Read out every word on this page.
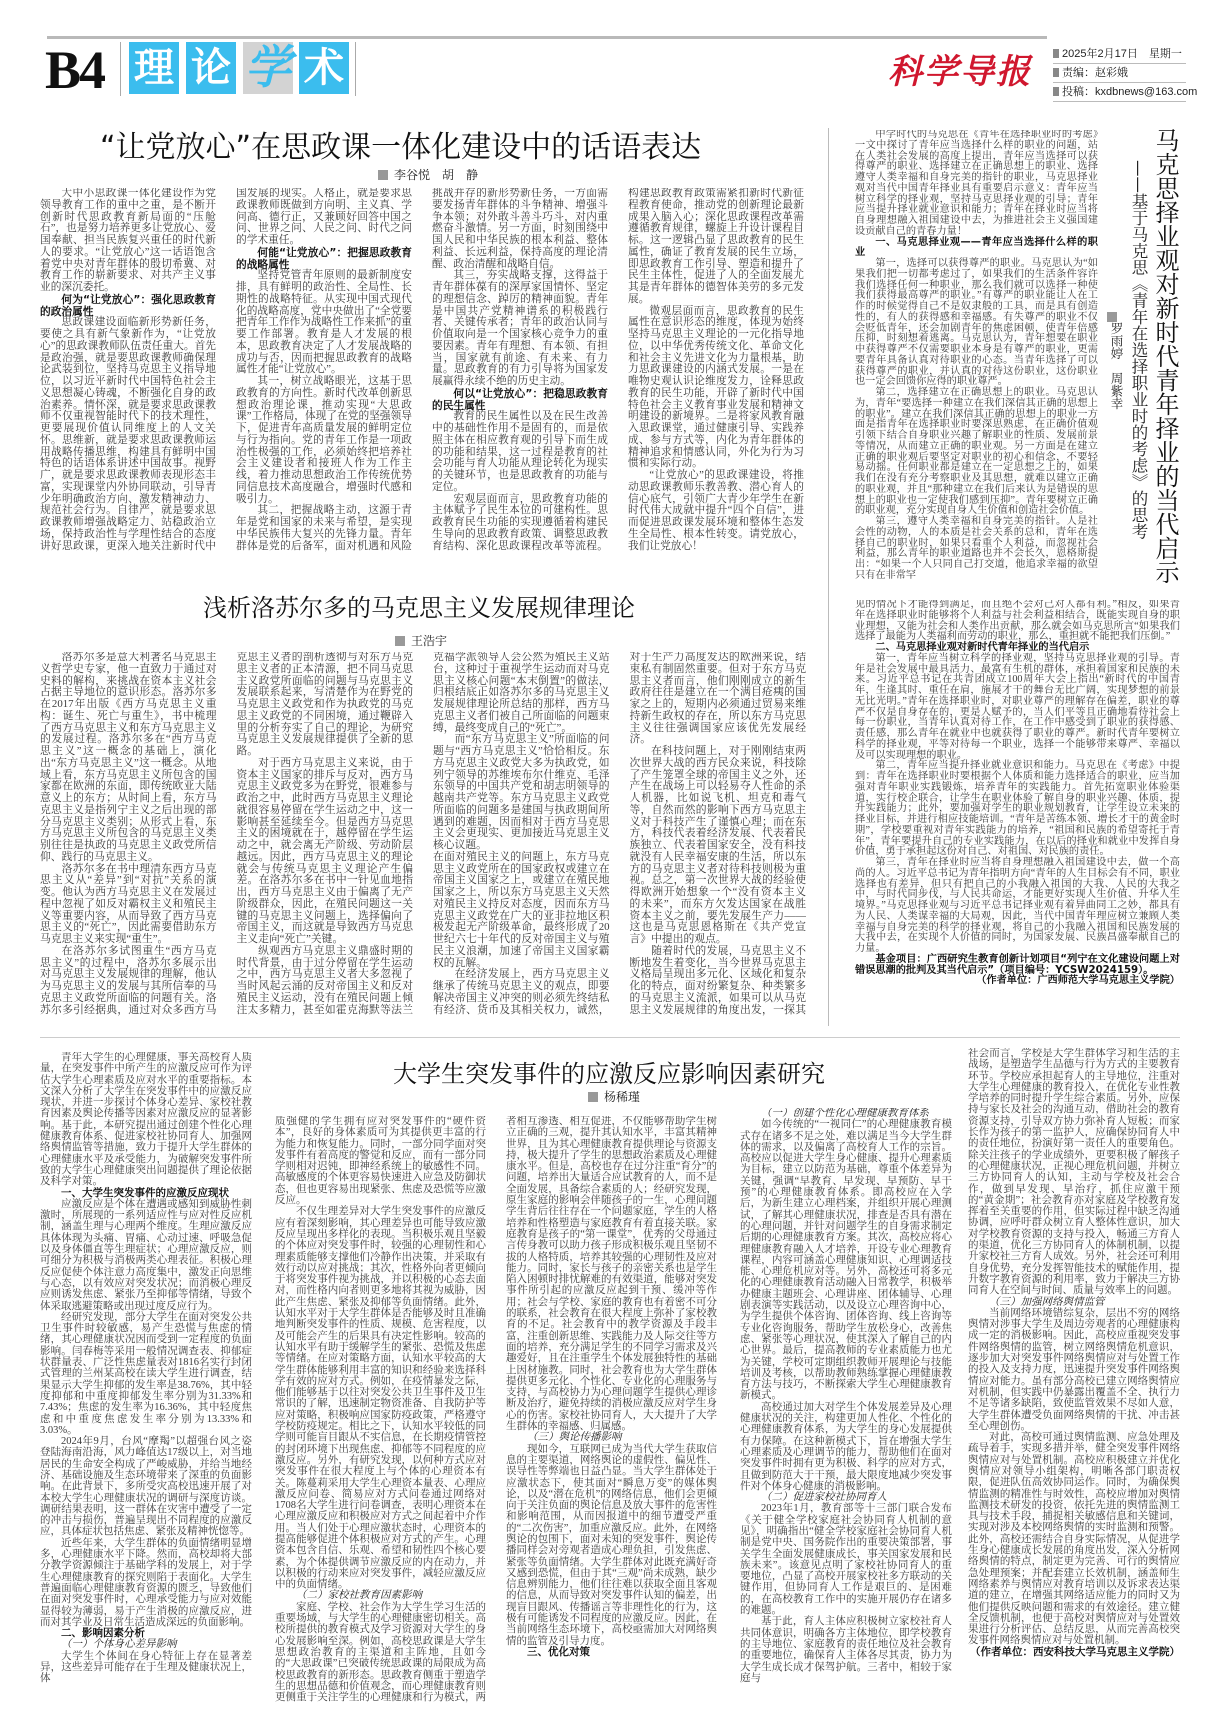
B4 理 论 学 术	科学导报	2025年2月17日　星期一
责编：赵彩娥
投稿：kxdbnews@163.com
“让党放心”在思政课一体化建设中的话语表达
李谷悦　胡　静

大中小思政课一体化建设作为党领导教育工作的重中之重，是不断开创新时代思政教育新局面的“压舱石”，也是努力培养更多让党放心、爱国奉献、担当民族复兴重任的时代新人的要求。“让党放心”这一话语饱含着党中央对青年群体的殷切希冀、对教育工作的崭新要求、对共产主义事业的深沉委托。

何为“让党放心”：强化思政教育的政治属性

思政课建设面临新形势新任务，要使之具有新气象新作为，“让党放心”的思政课教师队伍责任重大。首先是政治强，就是要思政课教师确保理论武装到位，坚持马克思主义指导地位，以习近平新时代中国特色社会主义思想凝心铸魂，不断强化自身的政治素养。情怀深，就是要求思政课教师不仅重视智能时代下的技术理性，更要展现价值认同维度上的人文关怀。思维新，就是要求思政课教师运用战略传播思维，构建具有鲜明中国特色的话语体系讲述中国故事。视野广，就是要求思政课教师表现形态丰富，实现课堂内外协同联动，引导青少年明确政治方向、激发精神动力、规范社会行为。自律严，就是要求思政课教师增强战略定力、站稳政治立场，保持政治性与学理性结合的态度讲好思政课，更深入地关注新时代中国发展的现实。人格正，就是要求思政课教师既做到方向明、主义真、学问高、德行正，又兼顾好回答中国之问、世界之问、人民之问、时代之问的学术重任。

何能“让党放心”：把握思政教育的战略属性

坚持党管青年原则的最新制度安排，具有鲜明的政治性、全局性、长期性的战略特征。从实现中国式现代化的战略高度，党中央做出了“全党要把青年工作作为战略性工作来抓”的重要工作部署。教育是人才发展的根本，思政教育决定了人才发展战略的成功与否，因而把握思政教育的战略属性才能“让党放心”。

其一，树立战略眼光，这基于思政教育的方向性。新时代改革创新思想政治理论课，推动实现“大思政课”工作格局，体现了在党的坚强领导下，促进青年高质量发展的鲜明定位与行为指向。党的青年工作是一项政治性极强的工作，必须始终把培养社会主义建设者和接班人作为工作主线，着力推动思想政治工作传统优势同信息技术高度融合，增强时代感和吸引力。

其二，把握战略主动，这源于青年是党和国家的未来与希望，是实现中华民族伟大复兴的先锋力量。青年群体是党的后备军，面对机遇和风险挑战并存的新形势新任务，一方面需要发扬青年群体的斗争精神、增强斗争本领；对外敢斗善斗巧斗，对内重燃奋斗激情。另一方面，时刻围绕中国人民和中华民族的根本利益、整体利益、长远利益，保持高度的理论清醒、政治清醒和战略自信。

其三，夯实战略支撑，这得益于青年群体葆有的深厚家国情怀、坚定的理想信念、踔厉的精神面貌。青年是中国共产党精神谱系的积极践行者、关键传承者；青年的政治认同与价值取向是一个国家核心竞争力的重要因素。青年有理想、有本领、有担当，国家就有前途、有未来、有力量。思政教育的有力引导将为国家发展赢得永续不绝的历史主动。

何以“让党放心”：把稳思政教育的民生属性

教育的民生属性以及在民生改善中的基础性作用不是固有的，而是依照主体在相应教育观的引导下而生成的功能和结果，这一过程是教育的社会功能与育人功能从理论转化为现实的关键环节，也是思政教育的功能与定位。

宏观层面而言，思政教育功能的主体赋予了民生本位的可建构性。思政教育民生功能的实现遵循着构建民生导向的思政教育政策、调整思政教育结构、深化思政课程改革等流程。构建思政教育政策需紧扣新时代新征程教育使命，推动党的创新理论最新成果入脑入心；深化思政课程改革需遵循教育规律，螺旋上升设计课程目标。这一逻辑凸显了思政教育的民生属性，确证了教育发展的民生立场，即思政教育工作引导、塑造和提升了民生主体性，促进了人的全面发展尤其是青年群体的德智体美劳的多元发展。

微观层面而言，思政教育的民生属性在意识形态的维度，体现为始终坚持马克思主义理论的一元化指导地位，以中华优秀传统文化、革命文化和社会主义先进文化为力量根基，助力思政课建设的内涵式发展。一是在唯物史观认识论维度发力，诠释思政教育的民生功能，开辟了新时代中国特色社会主义教育事业发展和精神文明建设的新境界。二是将家风教育融入思政课堂，通过健康引导、实践养成、参与方式等，内化为青年群体的精神追求和情感认同，外化为行为习惯和实际行动。

“让党放心”的思政课建设，将推动思政课教师乐教善教、潜心育人的信心底气，引领广大青少年学生在新时代伟大成就中提升“四个自信”，进而促进思政课发展环境和整体生态发生全局性、根本性转变。请党放心，我们让党放心！

中学时代的马克思在《青年在选择职业时的考虑》一文中探讨了青年应当选择什么样的职业的问题，站在人类社会发展的高度上提出，青年应当选择可以获得尊严的职业、选择建立在正确思想上的职业、选择遵守人类幸福和自身完美的指针的职业，马克思择业观对当代中国青年择业具有重要启示意义：青年应当树立科学的择业观，坚持马克思择业观的引导；青年应当提升择业就业意识和能力；青年在择业时应当将自身理想融入祖国建设中去，为推进社会主义强国建设贡献自己的青春力量！

一、马克思择业观——青年应当选择什么样的职业

第一，选择可以获得尊严的职业。马克思认为“如果我们把一切都考虑过了，如果我们的生活条件容许我们选择任何一种职业，那么我们就可以选择一种使我们获得最高尊严的职业。”有尊严的职业能让人在工作的时候觉得自己不是奴隶般的工具，而是具有创造性的，有人的获得感和幸福感。有失尊严的职业不仅会贬低青年，还会加剧青年的焦虑困顿，使青年倍感压抑，时刻想着逃离。马克思认为，青年想要在职业中获得尊严不仅需要职业本身是有尊严的职业，更需要青年具备认真对待职业的心态。当青年选择了可以获得尊严的职业，并认真的对待这份职业，这份职业也一定会回馈你应得的职业尊严。

第二，选择建立在正确思想上的职业。马克思认为，青年“要选择一种建立在我们深信其正确的思想上的职业”。建立在我们深信其正确的思想上的职业一方面是指青年在选择职业时要深思熟虑，在正确价值观引领下结合自身职业兴趣了解职业的性质、发展前景等情况，从而建立正确的职业观。另一方面是在建立正确的职业观后要坚定对职业的初心和信念，不要轻易动摇。任何职业都是建立在一定思想之上的，如果我们在没有充分考察职业及其思想，就难以建立正确的职业观，并且“那种建立在我们后来认为是错误的思想上的职业也一定使我们感到压抑”。青年要树立正确的职业观，充分实现自身人生价值和创造社会价值。

第三，遵守人类幸福和自身完美的指针。人是社会性的动物，人的本质是社会关系的总和，青年在选择自己的职业时，如果只看重个人利益，而忽视社会利益，那么青年的职业道路也并不会长久，恩格斯提出：“如果一个人只同自己打交道，他追求幸福的欲望只有在非常罕

见的情况下才能得到满足，而且绝不会对己对人都有利。”相反，如果青年在选择职业时能够将个人利益与社会利益相结合，既能实现自身的职业理想，又能为社会和人类作出贡献，那么就会如马克思所言“如果我们选择了最能为人类福利而劳动的职业，那么，重担就不能把我们压倒。”

二、马克思择业观对新时代青年择业的当代启示

第一，青年应当树立科学的择业观，坚持马克思择业观的引导。青年是社会发展中最具活力、最富有生机的群体，承担着国家和民族的未来。习近平总书记在共青团成立100周年大会上指出“新时代的中国青年，生逢其时、重任在肩，施展才干的舞台无比广阔，实现梦想的前景无比光明。”青年在选择职业时，对职业尊严的理解存在偏差，职业的尊严不仅是自身存在的，更是人赋予的，当人们平等且正确地看待社会上每一份职业，当青年认真对待工作，在工作中感受到了职业的获得感、责任感，那么青年在就业中也就获得了职业的尊严。新时代青年要树立科学的择业观，平等对待每一个职业，选择一个能够带来尊严、幸福以及可以实现理想的职业。

第二，青年应当提升择业就业意识和能力。马克思在《考虑》中提到：青年在选择职业时要根据个人体质和能力选择适合的职业，应当加强对青年职业实践锻炼，培养青年的实践能力。首先拓宽职业体验渠道，实行校企联合，让学生在职业体验了解自身的职业兴趣、体质，提升实践能力；此外，要加强对学生的职业规划教育，让学生设立未来的择业目标，并进行相应技能培训。“青年是苦练本领、增长才干的黄金时期”，学校要重视对青年实践能力的培养，“祖国和民族的希望寄托于青年”，青年要提升自己的专业实践能力，在以后的择业和就业中发挥自身价值，勇于承担起这份对自己、对祖国、对民族的责任。

第三，青年在择业时应当将自身理想融入祖国建设中去，做一个高尚的人。习近平总书记为青年指明方向“青年的人生目标会有不同，职业选择也有差异，但只有把自己的小我融入祖国的大我、人民的大我之中，与时代同步伐，与人民共命运，才能更好实现人生价值、升华人生境界。”马克思择业观与习近平总书记择业观有着异曲同工之妙，都具有为人民、人类谋幸福的大局观，因此，当代中国青年理应树立兼顾人类幸福与自身完美的科学的择业观，将自己的小我融入祖国和民族发展的大我中去，在实现个人价值的同时，为国家发展、民族昌盛奉献自己的力量。

基金项目：广西研究生教育创新计划项目“列宁在文化建设问题上对错误思潮的批判及其当代启示”（项目编号：YCSW2024159）。

（作者单位：广西师范大学马克思主义学院）

马克思择业观对新时代青年择业的当代启示
——基于马克思《青年在选择职业时的考虑》的思考
罗雨婷　周紫幸
浅析洛苏尔多的马克思主义发展规律理论
王浩宇

洛苏尔多是意大利著名马克思主义哲学史专家，他一直致力于通过对史料的解构，来挑战在资本主义社会占据主导地位的意识形态。洛苏尔多在2017年出版《西方马克思主义重构：诞生、死亡与重生》，书中梳理了西方马克思主义和东方马克思主义的发展过程。洛苏尔多在“西方马克思主义”这一概念的基础上，演化出“东方马克思主义”这一概念。从地域上看，东方马克思主义所包含的国家都在欧洲的东面，即传统欧亚大陆意义上的东方；从时间上看，东方马克思主义是指列宁主义之后出现的部分马克思主义类别；从形式上看，东方马克思主义所包含的马克思主义类别往往是执政的马克思主义政党所信仰、践行的马克思主义。

洛苏尔多在书中理清东西方马克思主义从“差异”到“对抗”关系的演变。他认为西方马克思主义在发展过程中忽视了如反对霸权主义和殖民主义等重要内容，从而导致了西方马克思主义的“死亡”，因此需要借助东方马克思主义来实现“重生”。

在洛苏尔多试图重生“西方马克思主义”的过程中，洛苏尔多展示出对马克思主义发展规律的理解，他认为马克思主义的发展与其所信奉的马克思主义政党所面临的问题有关。洛苏尔多引经据典，通过对众多西方马克思主义者的剖析透彻与对东方马克思主义者的正本清源，把不同马克思主义政党所面临的问题与马克思主义发展联系起来，写清楚作为在野党的马克思主义政党和作为执政党的马克思主义政党的不同困境，通过鞭辟入里的分析夯实了自己的理论，为研究马克思主义发展规律提供了全新的思路。

对于西方马克思主义来说，由于资本主义国家的排斥与反对，西方马克思主义政党多为在野党，很难参与政治之中，此时西方马克思主义理论就很容易停留在学生运动之中，这一影响甚至延续至今。但是西方马克思主义的困境就在于，越停留在学生运动之中，就会离无产阶级、劳动阶层越远。因此，西方马克思主义的理论就会与传统马克思主义理论产生偏差。在洛苏尔多在书中一针见血地指出，西方马克思主义由于偏离了无产阶级群众，因此，在殖民问题这一关键的马克思主义问题上，选择偏向了帝国主义，而这就是导致西方马克思主义走向“死亡”关键。

纵观西方马克思主义鼎盛时期的时代背景，由于过分停留在学生运动之中，西方马克思主义者大多忽视了当时风起云涌的反对帝国主义和反对殖民主义运动，没有在殖民问题上倾注太多精力，甚至如霍克海默等法兰克福学派领导人会公然为殖民主义站台，这种过于重视学生运动而对马克思主义核心问题“本末倒置”的做法，归根结底正如洛苏尔多的马克思主义发展规律理论所总结的那样，西方马克思主义者们被自己所面临的问题束缚，最终变成自己的“死亡”。

而“东方马克思主义”所面临的问题与“西方马克思主义”恰恰相反。东方马克思主义政党大多为执政党，如列宁领导的苏维埃布尔什维克、毛泽东领导的中国共产党和胡志明领导的越南共产党等。东方马克思主义政党所面临的问题多是建国与执政期间所遇到的难题，因而相对于西方马克思主义会更现实、更加接近马克思主义核心议题。

在面对殖民主义的问题上，东方马克思主义政党所在的国家政权或建立在帝国主义国家之上，或建立在殖民地国家之上，所以东方马克思主义天然对殖民主义持反对态度，因而东方马克思主义政党在广大的亚非拉地区积极发起无产阶级革命，最终形成了20世纪六七十年代的反对帝国主义与殖民主义浪潮，加速了帝国主义国家霸权的瓦解。

在经济发展上，西方马克思主义继承了传统马克思主义的观点，即要解决帝国主义冲突的则必须先终结私有经济、货币及其相关权力，诚然，对于生产力高度发达的欧洲来说，结束私有制固然重要。但对于东方马克思主义者而言，他们刚刚成立的新生政府往往是建立在一个满目疮痍的国家之上的，短期内必须通过贸易来维持新生政权的存在，所以东方马克思主义往往强调国家应该优先发展经济。

在科技问题上，对于刚刚结束两次世界大战的西方民众来说，科技除了产生笼罩全球的帝国主义之外，还产生在战场上可以轻易夺人性命的杀人机器，比如说飞机、坦克和毒气等，自然而然的影响下西方马克思主义对于科技产生了谨慎心理；而在东方，科技代表着经济发展、代表着民族独立、代表着国家安全，没有科技就没有人民幸福安康的生活，所以东方的马克思主义者对待科技则极为重视。总之，第一次世界大战的经验使得欧洲开始想象一个“没有资本主义的未来”，而东方欠发达国家在战胜资本主义之前，要先发展生产力——这也是马克思恩格斯在《共产党宣言》中提出的观点。

随着时代的发展，马克思主义不断地发生着变化，当今世界马克思主义格局呈现出多元化、区域化和复杂化的特点，面对纷繁复杂、种类繁多的马克思主义流派，如果可以从马克思主义发展规律的角度出发，一探其

大学生突发事件的应激反应影响因素研究
杨稀瑾

青年大学生的心理健康，事关高校育人质量，在突发事件中所产生的应激反应可作为评估大学生心理素质及应对水平的重要指标。本文深入分析了大学生在突发事件中的应激反应现状，并进一步探讨个体身心差异、家校社教育因素及舆论传播等因素对应激反应的显著影响。基于此，本研究提出通过创建个性化心理健康教育体系、促进家校社协同育人、加强网络舆情监管等措施，致力于提升大学生群体的心理健康水平及承受能力，为破解突发事件所致的大学生心理健康突出问题提供了理论依据及科学对策。

一、大学生突发事件的应激反应现状

应激反应是个体在遭遇或感知到威胁性刺激时，所展现的一系列适应性与应对性反应机制，涵盖生理与心理两个维度。生理应激反应具体体现为头痛、胃痛、心动过速、呼吸急促以及身体僵直等生理症状；心理应激反应，则可细分为积极与消极两类心理表征。积极心理反应促使个体注意力高度集中，激发正向思维与心态，以有效应对突发状况；而消极心理反应则诱发焦虑、紧张乃至抑郁等情绪，导致个体采取逃避策略或出现过度反应行为。

经研究发现，部分大学生在面对突发公共卫生事件时较敏感，易产生恐慌与焦虑的情绪，其心理健康状况因而受到一定程度的负面影响。闫春梅等采用一般情况调查表、抑郁症状群量表、广泛性焦虑量表对1816名实行封闭式管理的兰州某高校在读大学生进行调查，结果显示大学生抑郁的发生率是38.76%，其中轻度抑郁和中重度抑郁发生率分别为31.33%和7.43%；焦虑的发生率为16.36%，其中轻度焦虑和中重度焦虑发生率分别为13.33%和3.03%。

2024年9月，台风“摩羯”以超强台风之姿登陆海南沿海，风力峰值达17级以上，对当地居民的生命安全构成了严峻威胁，并给当地经济、基础设施及生态环境带来了深重的负面影响。在此背景下，多所受灾高校迅速开展了对本校大学生心理健康状况的调研与深度访谈。调研结果表明，这一群体在灾害中遭受了一定的冲击与损伤，普遍呈现出不同程度的应激反应，具体症状包括焦虑、紧张及精神恍惚等。

近些年来，大学生群体的负面情绪明显增多，心理健康水平下降。然而，高校却将大部分教学资源倾注于基础学科的发展上，对于学生心理健康教育的探究则陷于表面化。大学生普遍面临心理健康教育资源的匮乏，导致他们在面对突发事件时，心理承受能力与应对效能显得较为薄弱，易于产生消极的应激反应，进而对其学业及日常生活造成深远的负面影响。

二、影响因素分析

（一）个体身心差异影响

大学生个体间在身心特征上存在显著差异，这些差异可能存在于生理及健康状况上，体

质强健的学生拥有应对突发事件的“硬件资本”，良好的身体素质可为其提供更丰富的行为能力和恢复能力。同时，一部分同学面对突发事件有着高度的警觉和反应，而有一部分同学则相对迟钝，即神经系统上的敏感性不同。高敏感度的个体更容易快速进入应急及防御状态，但也更容易出现紧张、焦虑及恐慌等应激反应。

不仅生理差异对大学生突发事件的应激反应有着深刻影响，其心理差异也可能导致应激反应呈现出多样化的表现。当积极乐观且坚毅的个体应对突发事件时，较强的心理韧性和心理素质能够支撑他们冷静作出决策，并采取有效行动以应对挑战；其次，性格外向者更倾向于将突发事件视为挑战，并以积极的心态去面对，而性格内向者则更多地将其视为威胁，因此产生焦虑、紧张及抑郁等负面情绪。此外，认知水平对于大学生群体是否能够及时且准确地判断突发事件的性质、规模、危害程度，以及可能会产生的后果具有决定性影响。较高的认知水平有助于缓解学生的紧张、恐慌及焦虑等情绪。在应对策略方面，认知水平较高的大学生群体能够利用丰富的知识和经验来选择科学有效的应对方式。例如，在疫情暴发之际，他们能够基于以往对突发公共卫生事件及卫生常识的了解，迅速制定物资准备、自我防护等应对策略，积极响应国家防疫政策，严格遵守学校防疫规定。相比之下，认知水平较低的同学则可能盲目跟从不实信息，在长期疫情管控的封闭环境下出现焦虑、抑郁等不同程度的应激反应。另外，有研究发现，以何种方式应对突发事件在很大程度上与个体的心理资本有关。陈蔓莉采用大学生心理资本量表、心理应激反应问卷、简易应对方式问卷通过网络对1708名大学生进行问卷调查，表明心理资本在心理应激反应和积极应对方式之间起着中介作用。当人们处于心理应激状态时，心理资本的提高能够促进个体积极应对方式的产生。心理资本包含自信、乐观、希望和韧性四个核心要素，为个体提供调节应激反应的内在动力，并以积极的行动来应对突发事件，减轻应激反应中的负面情绪。

（二）家校社教育因素影响

家庭、学校、社会作为大学生学习生活的重要场域，与大学生的心理健康密切相关。高校所提供的教育模式及学习资源对大学生的身心发展影响至深。例如，高校思政课是大学生思想政治教育的主渠道和主阵地，且如今的“大思政课”已突破传统思政课的局限成为高校思政教育的新形态。思政教育侧重于塑造学生的思想品德和价值观念，而心理健康教育则更侧重于关注学生的心理健康和行为模式，两者相互渗透、相互促进，不仅能够帮助学生树立正确的三观，提升其认知水平，丰富其精神世界，且为其心理健康教育提供理论与资源支持，极大提升了学生的思想政治素质及心理健康水平。但是，高校也存在过分注重“育分”的问题，培养出大量适合应试教育的人，而不是全面发展，具备综合素质的人；经研究发现，原生家庭的影响会伴随孩子的一生，心理问题学生背后往往存在一个问题家庭，学生的人格培养和性格塑造与家庭教育有着直接关联。家庭教育是孩子的“第一课堂”，优秀的父母通过言传身教可以助力孩子形成积极乐观且坚韧不拔的人格特质，培养其较强的心理韧性及应对能力。同时，家长与孩子的亲密关系也是学生陷入困顿时排忧解难的有效渠道，能够对突发事件所引起的应激反应起到干预、缓冲等作用；社会与学校、家庭的教育也有着密不可分的联系，社会教育在很大程度上弥补了家校教育的不足。社会教育中的教学资源及手段丰富，注重创新思维、实践能力及人际交往等方面的培养，充分满足学生的不同学习需求及兴趣爱好，且在注重学生个体发展独特性的基础上因材施教。同时，社会教育也为大学生群体提供更多元化、个性化、专业化的心理服务与支持，与高校协力为心理问题学生提供心理诊断及治疗，避免持续的消极应激反应对学生身心的伤害。家校社协同育人，大大提升了大学生群体的幸福感、归属感。

（三）舆论传播影响

现如今，互联网已成为当代大学生获取信息的主要渠道，网络舆论的虚假性、偏见性、误导性等弊端也日益凸显。当大学生群体处于应激状态下，使其面对“瞬息万变”的媒体舆论，以及“潜在危机”的网络信息，他们会更倾向于关注负面的舆论信息及放大事件的危害性和影响范围，从而因报道中的细节遭受严重的“二次伤害”，加重应激反应。此外，在网络舆论的包围下，面对未知的突发事件，舆论传播同样会对旁观者造成心理负担，引发焦虑、紧张等负面情绪。大学生群体对此既充满好奇又感到恐慌，但由于其“三观”尚未成熟，缺少信息辨别能力，他们往往难以获取全面且客观的信息，从而导致对突发事件认知的偏差，出现盲目跟风、传播谣言等非理性化的行为，这极有可能诱发不同程度的应激反应。因此，在当前网络生态环境下，高校亟需加大对网络舆情的监管及引导力度。

三、优化对策

（一）创建个性化心理健康教育体系

如今传统的“一视同仁”的心理健康教育模式存在诸多不足之处，难以满足当今大学生群体的需求，以及偏离了高校育人工作的宗旨。高校应以促进大学生身心健康、提升心理素质为目标，建立以防范为基础，尊重个体差异为关键，强调“早教育、早发现、早预防、早干预”的心理健康教育体系。即高校应在入学后，为新生建立心理档案，并组织开展心理测试，了解其心理健康状况，排查是否具有潜在的心理问题，并针对问题学生的自身需求制定后期的心理健康教育方案。其次，高校应将心理健康教育融入人才培养，开设专业心理教育课程，内容可涵盖心理健康知识、心理调适技能、心理危机应对等。另外，高校还可将多元化的心理健康教育活动融入日常教学，积极举办健康主题班会、心理讲座、团体辅导、心理剧表演等实践活动，以及设立心理咨询中心，为学生提供个体咨询、团体咨询、线上咨询等专业化咨询服务，帮助学生放松身心，改善焦虑、紧张等心理状况，使其深入了解自己的内心世界。最后，提高教师的专业素质能力也尤为关键，学校可定期组织教师开展理论与技能培训及考核，以帮助教师熟练掌握心理健康教育方法与技巧，不断探索大学生心理健康教育新模式。

高校通过加大对学生个体发展差异及心理健康状况的关注，构建更加人性化、个性化的心理健康教育体系，为大学生的身心发展提供有力保障。在这种新模式下，旨在增强大学生心理素质及心理调节的能力，帮助他们在面对突发事件时拥有更为积极、科学的应对方式，且做到防范大于干预，最大限度地减少突发事件对个体身心健康的消极影响。

（二）促进家校社协同育人

2023年1月，教育部等十三部门联合发布《关于健全学校家庭社会协同育人机制的意见》，明确指出“健全学校家庭社会协同育人机制是党中央、国务院作出的重要决策部署，事关学生全面发展健康成长，事关国家发展和民族未来”。该意见点明了家校社协同育人的重要地位，凸显了高校开展家校社多方联动的关键作用，但协同育人工作是艰巨的、是困难的，在高校教育工作中的实施开展仍存在诸多的难题。

基于此，育人主体应积极树立家校社育人共同体意识，明确各方主体地位，即学校教育的主导地位、家庭教育的责任地位及社会教育的重要地位，确保育人主体各尽其责，协力为大学生成长成才保驾护航。三者中，相较于家庭与

社会而言，学校是大学生群体学习和生活的主战场，是塑造学生品德与行为方式的主要教育环节。学校应承担起育人的主导地位，注重对大学生心理健康的教育投入，在优化专业性教学培养的同时提升学生综合素质。另外，应保持与家长及社会的沟通互动，借助社会的教育资源支持，引导双方协力弥补育人短板；而家长作为孩子的第一监护人，应确保协同育人中的责任地位，扮演好第一责任人的重要角色。除关注孩子的学业成绩外，更要积极了解孩子的心理健康状况，正视心理危机问题，并树立三方协同育人的认知，主动与学校及社会合作，做到早发现、早治疗，抓住应激干预的“黄金期”；社会教育亦对家庭及学校教育发挥着至关重要的作用，但实际过程中缺乏沟通协调，应呼吁群众树立育人整体性意识，加大对学校教育资源的支持与投入，畅通三方育人的渠道，优化三方协同育人的体制机制，以提升家校社三方育人成效。另外，社会还可利用自身优势，充分发挥智能技术的赋能作用，提升数字教育资源的利用率，致力于解决三方协同育人在空间与时间、质量与效率上的问题。

（三）加强网络舆情监管

当前网络环境错综复杂，层出不穷的网络舆情对涉事大学生及周边旁观者的心理健康构成一定的消极影响。因此，高校应重视突发事件网络舆情的监管，树立网络舆情危机意识，逐步加大对突发事件网络舆情应对与处置工作的投入及支持力度，迅速提升突发事件网络舆情应对能力。虽有部分高校已建立网络舆情应对机制，但实践中仍暴露出覆盖不全、执行力不足等诸多缺陷，致使监管效果不尽如人意，大学生群体遭受负面网络舆情的干扰、冲击甚至心理创伤。

对此，高校可通过舆情监测、应急处理及疏导着手，实现多措并举，健全突发事件网络舆情应对与处置机制。高校应积极建立并优化舆情应对领导小组架构，明晰各部门职责权限，促进队伍高效协同运作。同时，为确保舆情监测的精准性与时效性，高校应增加对舆情监测技术研发的投资，依托先进的舆情监测工具与技术手段，捕捉相关敏感信息和关键词，实现对涉及本校网络舆情的实时监测和预警。此外，高校还需结合自身实际情况，从促进学生身心健康成长发展的角度出发，深入分析网络舆情的特点，制定更为完善、可行的舆情应急处理预案；并配套建立长效机制，涵盖师生网络素养与舆情应对教育培训以及诉求表达渠道的建立，在增强其网络适应能力的同时又为他们提供反映问题和需求的有效途径。建立健全反馈机制，也便于高校对舆情应对与处置效果进行分析评估、总结反思，从而完善高校突发事件网络舆情应对与处置机制。

（作者单位：西安科技大学马克思主义学院）
